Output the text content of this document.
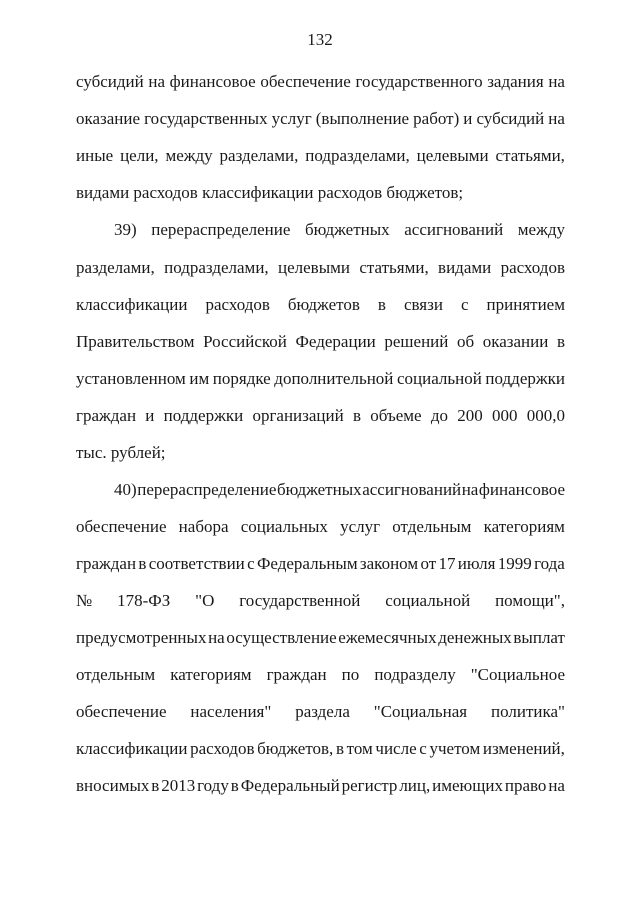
132
субсидий на финансовое обеспечение государственного задания на
оказание государственных услуг (выполнение работ) и субсидий на
иные цели, между разделами, подразделами, целевыми статьями,
видами расходов классификации расходов бюджетов;
39) перераспределение бюджетных ассигнований между
разделами, подразделами, целевыми статьями, видами расходов
классификации расходов бюджетов в связи с принятием
Правительством Российской Федерации решений об оказании в
установленном им порядке дополнительной социальной поддержки
граждан и поддержки организаций в объеме до 200 000 000,0
тыс. рублей;
40) перераспределение бюджетных ассигнований на финансовое
обеспечение набора социальных услуг отдельным категориям
граждан в соответствии с Федеральным законом от 17 июля 1999 года
№ 178-ФЗ "О государственной социальной помощи",
предусмотренных на осуществление ежемесячных денежных выплат
отдельным категориям граждан по подразделу "Социальное
обеспечение населения" раздела "Социальная политика"
классификации расходов бюджетов, в том числе с учетом изменений,
вносимых в 2013 году в Федеральный регистр лиц, имеющих право на
